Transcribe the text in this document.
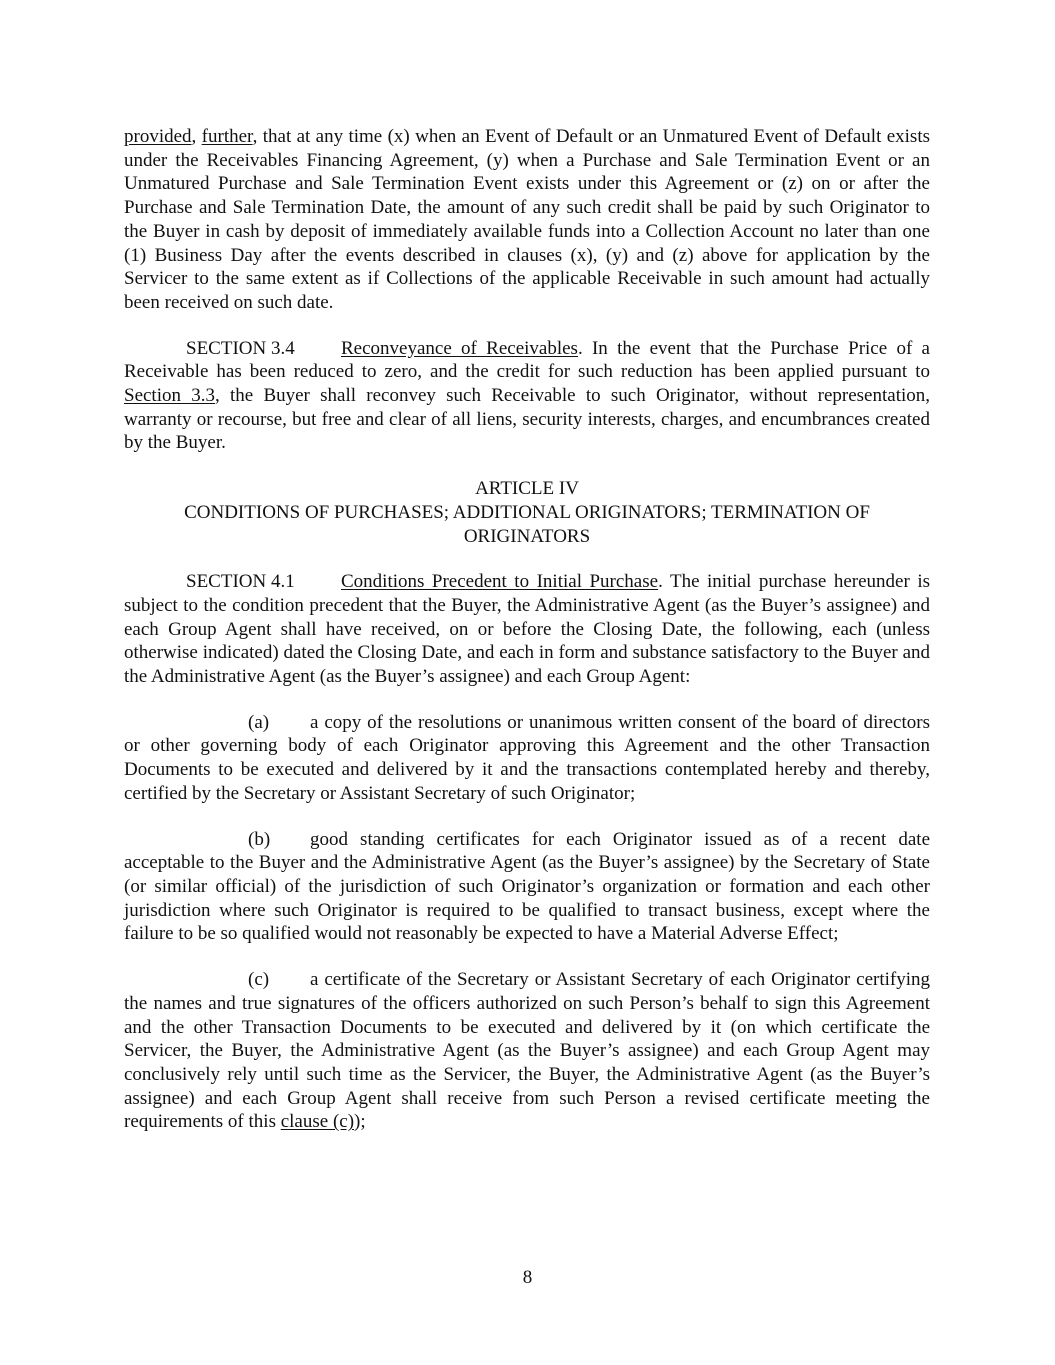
provided, further, that at any time (x) when an Event of Default or an Unmatured Event of Default exists under the Receivables Financing Agreement, (y) when a Purchase and Sale Termination Event or an Unmatured Purchase and Sale Termination Event exists under this Agreement or (z) on or after the Purchase and Sale Termination Date, the amount of any such credit shall be paid by such Originator to the Buyer in cash by deposit of immediately available funds into a Collection Account no later than one (1) Business Day after the events described in clauses (x), (y) and (z) above for application by the Servicer to the same extent as if Collections of the applicable Receivable in such amount had actually been received on such date.

SECTION 3.4 Reconveyance of Receivables. In the event that the Purchase Price of a Receivable has been reduced to zero, and the credit for such reduction has been applied pursuant to Section 3.3, the Buyer shall reconvey such Receivable to such Originator, without representation, warranty or recourse, but free and clear of all liens, security interests, charges, and encumbrances created by the Buyer.

ARTICLE IV

CONDITIONS OF PURCHASES; ADDITIONAL ORIGINATORS; TERMINATION OF ORIGINATORS

SECTION 4.1 Conditions Precedent to Initial Purchase. The initial purchase hereunder is subject to the condition precedent that the Buyer, the Administrative Agent (as the Buyer’s assignee) and each Group Agent shall have received, on or before the Closing Date, the following, each (unless otherwise indicated) dated the Closing Date, and each in form and substance satisfactory to the Buyer and the Administrative Agent (as the Buyer’s assignee) and each Group Agent:

(a) a copy of the resolutions or unanimous written consent of the board of directors or other governing body of each Originator approving this Agreement and the other Transaction Documents to be executed and delivered by it and the transactions contemplated hereby and thereby, certified by the Secretary or Assistant Secretary of such Originator;

(b) good standing certificates for each Originator issued as of a recent date acceptable to the Buyer and the Administrative Agent (as the Buyer’s assignee) by the Secretary of State (or similar official) of the jurisdiction of such Originator’s organization or formation and each other jurisdiction where such Originator is required to be qualified to transact business, except where the failure to be so qualified would not reasonably be expected to have a Material Adverse Effect;

(c) a certificate of the Secretary or Assistant Secretary of each Originator certifying the names and true signatures of the officers authorized on such Person’s behalf to sign this Agreement and the other Transaction Documents to be executed and delivered by it (on which certificate the Servicer, the Buyer, the Administrative Agent (as the Buyer’s assignee) and each Group Agent may conclusively rely until such time as the Servicer, the Buyer, the Administrative Agent (as the Buyer’s assignee) and each Group Agent shall receive from such Person a revised certificate meeting the requirements of this clause (c));

8
